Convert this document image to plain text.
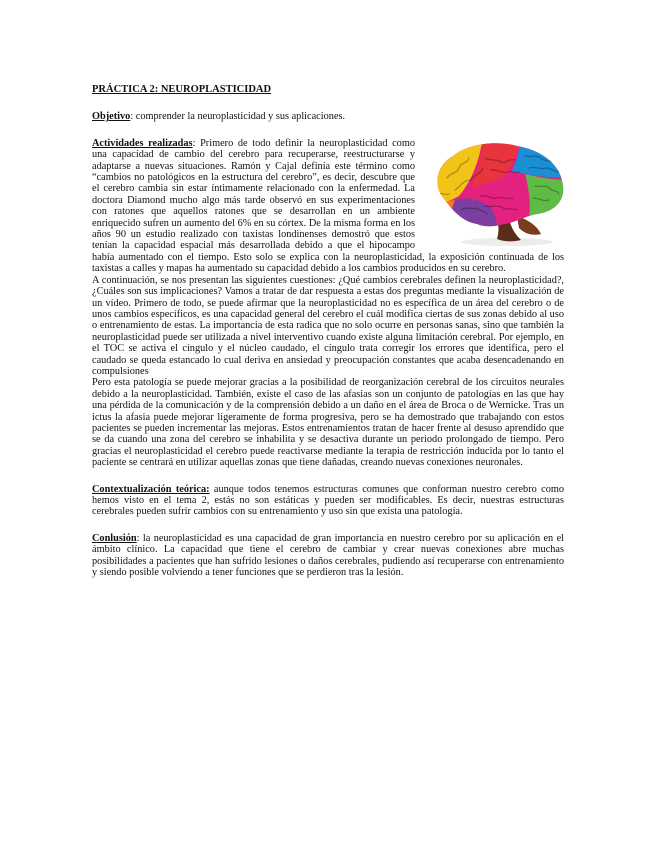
PRÁCTICA 2: NEUROPLASTICIDAD

Objetivo: comprender la neuroplasticidad y sus aplicaciones.

Actividades realizadas: Primero de todo definir la neuroplasticidad como una capacidad de cambio del cerebro para recuperarse, reestructurarse y adaptarse a nuevas situaciones. Ramón y Cajal definía este término como “cambios no patológicos en la estructura del cerebro”, es decir, descubre que el cerebro cambia sin estar íntimamente relacionado con la enfermedad. La doctora Diamond mucho algo más tarde observó en sus experimentaciones con ratones que aquellos ratones que se desarrollan en un ambiente enriquecido sufren un aumento del 6% en su córtex. De la misma forma en los años 90 un estudio realizado con taxistas londinenses demostró que estos tenían la capacidad espacial más desarrollada debido a que el hipocampo había aumentado con el tiempo. Esto solo se explica con la neuroplasticidad, la exposición continuada de los taxistas a calles y mapas ha aumentado su capacidad debido a los cambios producidos en su cerebro.

A continuación, se nos presentan las siguientes cuestiones: ¿Qué cambios cerebrales definen la neuroplasticidad?, ¿Cuáles son sus implicaciones? Vamos a tratar de dar respuesta a estas dos preguntas mediante la visualización de un vídeo. Primero de todo, se puede afirmar que la neuroplasticidad no es específica de un área del cerebro o de unos cambios específicos, es una capacidad general del cerebro el cuál modifica ciertas de sus zonas debido al uso o entrenamiento de estas. La importancia de esta radica que no solo ocurre en personas sanas, sino que también la neuroplasticidad puede ser utilizada a nivel interventivo cuando existe alguna limitación cerebral. Por ejemplo, en el TOC se activa el cíngulo y el núcleo caudado, el cíngulo trata corregir los errores que identifica, pero el caudado se queda estancado lo cual deriva en ansiedad y preocupación constantes que acaba desencadenando en compulsiones

Pero esta patología se puede mejorar gracias a la posibilidad de reorganización cerebral de los circuitos neurales debido a la neuroplasticidad. También, existe el caso de las afasias son un conjunto de patologías en las que hay una pérdida de la comunicación y de la comprensión debido a un daño en el área de Broca o de Wernicke. Tras un ictus la afasia puede mejorar ligeramente de forma progresiva, pero se ha demostrado que trabajando con estos pacientes se pueden incrementar las mejoras. Estos entrenamientos tratan de hacer frente al desuso aprendido que se da cuando una zona del cerebro se inhabilita y se desactiva durante un periodo prolongado de tiempo. Pero gracias el neuroplasticidad el cerebro puede reactivarse mediante la terapia de restricción inducida por lo tanto el paciente se centrará en utilizar aquellas zonas que tiene dañadas, creando nuevas conexiones neuronales.

Contextualización teórica: aunque todos tenemos estructuras comunes que conforman nuestro cerebro como hemos visto en el tema 2, estás no son estáticas y pueden ser modificables. Es decir, nuestras estructuras cerebrales pueden sufrir cambios con su entrenamiento y uso sin que exista una patología.

Conlusión: la neuroplasticidad es una capacidad de gran importancia en nuestro cerebro por su aplicación en el ámbito clínico. La capacidad que tiene el cerebro de cambiar y crear nuevas conexiones abre muchas posibilidades a pacientes que han sufrido lesiones o daños cerebrales, pudiendo así recuperarse con entrenamiento y siendo posible volviendo a tener funciones que se perdieron tras la lesión.
